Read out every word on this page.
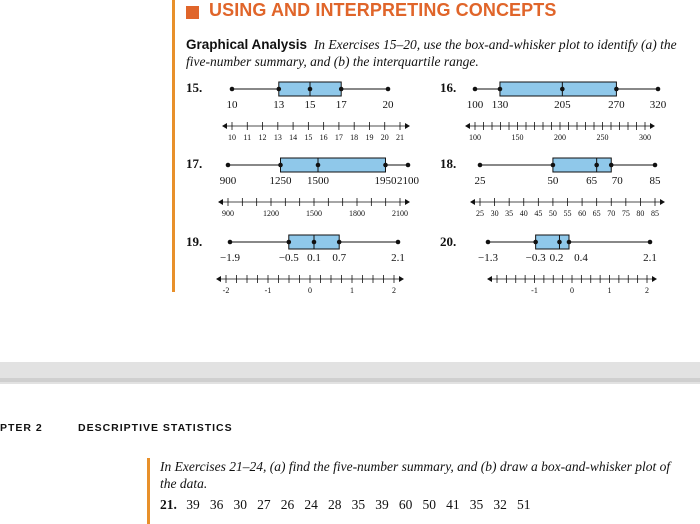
USING AND INTERPRETING CONCEPTS
Graphical Analysis In Exercises 15–20, use the box-and-whisker plot to identify (a) the five-number summary, and (b) the interquartile range.
15.	16.
17.	18.
19.	20.
10	13 15 17	20
10 11 12 13 14 15 16 17 18 19 20 21
100 130	205	270 320
100	150	200	250	300
900	1250 1500	1950 2100
900	1200	1500	1800	2100
25	50	65 70 85
25 30 35 40 45 50 55 60 65 70 75 80 85
−1.9	−0.5 0.1 0.7	2.1
-2	-1	0	1	2
−1.3	−0.3 0.2 0.4	2.1
-1	0	1	2
PTER 2	DESCRIPTIVE STATISTICS
In Exercises 21–24, (a) find the five-number summary, and (b) draw a box-and-whisker plot of the data.
21. 39   36   30   27   26   24   28   35   39   60   50   41   35   32   51
